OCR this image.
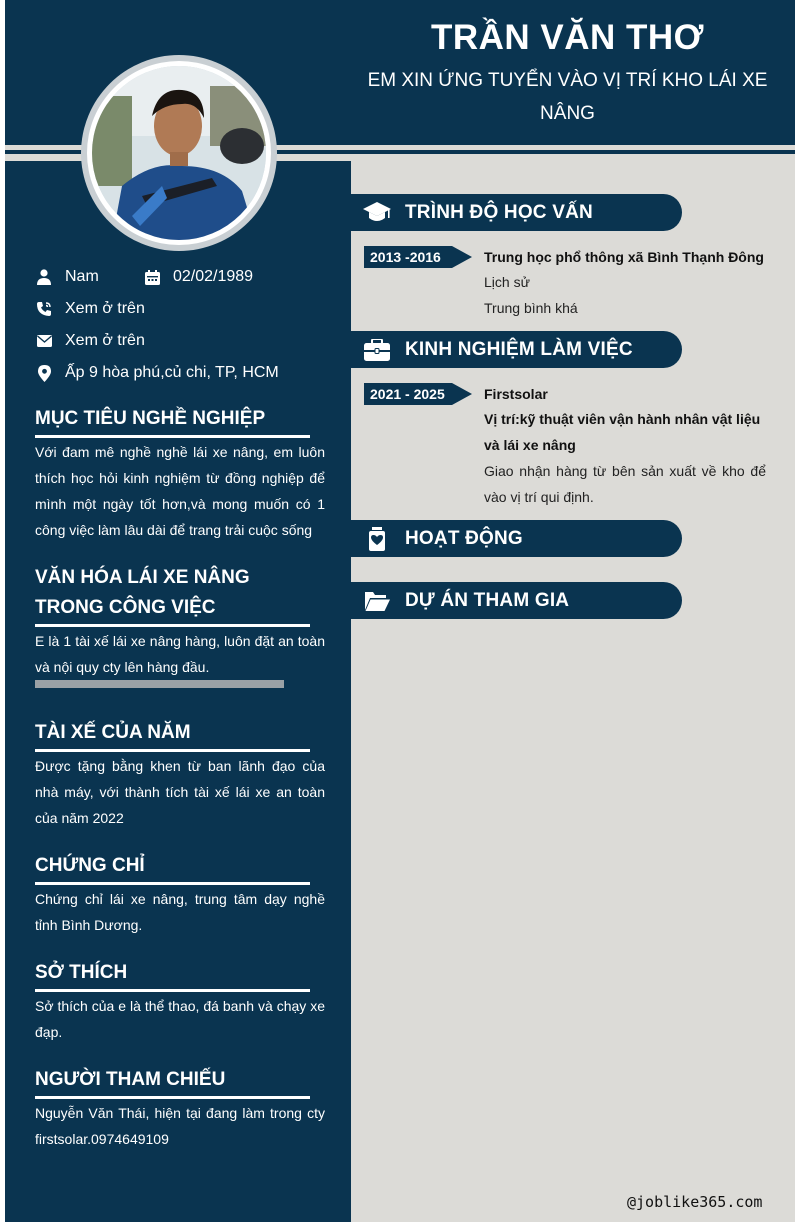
TRẦN VĂN THƠ
EM XIN ỨNG TUYỂN VÀO VỊ TRÍ KHO LÁI XE NÂNG
Nam	02/02/1989
Xem ở trên
Xem ở trên
Ấp 9 hòa phú,củ chi, TP, HCM
MỤC TIÊU NGHỀ NGHIỆP
Với đam mê nghề nghề lái xe nâng, em luôn thích học hỏi kinh nghiệm từ đồng nghiệp để mình một ngày tốt hơn,và mong muốn có 1 công việc làm lâu dài để trang trải cuộc sống
VĂN HÓA LÁI XE NÂNG TRONG CÔNG VIỆC
E là 1 tài xế lái xe nâng hàng, luôn đặt an toàn và nội quy cty lên hàng đầu.
TÀI XẾ CỦA NĂM
Được tặng bằng khen từ ban lãnh đạo của nhà máy, với thành tích tài xế lái xe an toàn của năm 2022
CHỨNG CHỈ
Chứng chỉ lái xe nâng, trung tâm dạy nghề tỉnh Bình Dương.
SỞ THÍCH
Sở thích của e là thể thao, đá banh và chạy xe đạp.
NGƯỜI THAM CHIẾU
Nguyễn Văn Thái, hiện tại đang làm trong cty firstsolar.0974649109
TRÌNH ĐỘ HỌC VẤN
2013 -2016	Trung học phổ thông xã Bình Thạnh Đông
Lịch sử
Trung bình khá
KINH NGHIỆM LÀM VIỆC
2021 - 2025	Firstsolar
Vị trí:kỹ thuật viên vận hành nhân vật liệu và lái xe nâng
Giao nhận hàng từ bên sản xuất về kho để vào vị trí qui định.
HOẠT ĐỘNG
DỰ ÁN THAM GIA
@joblike365.com
